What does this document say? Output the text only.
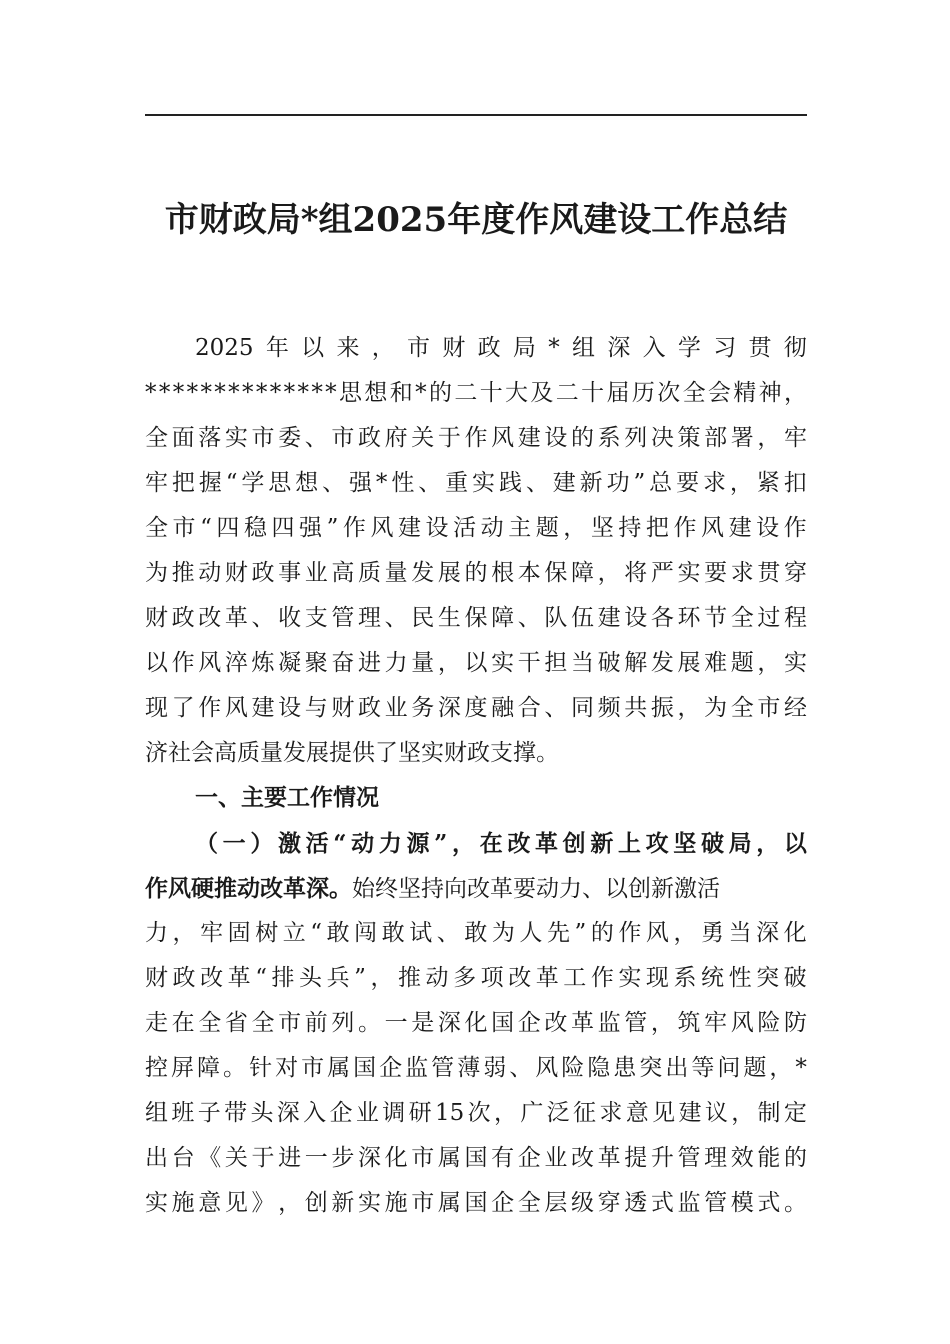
市财政局*组2025年度作风建设工作总结
2025 年 以 来 ， 市 财 政 局 * 组 深 入 学 习 贯 彻
* * * * * * * * * * * * * * 思 想 和 * 的 二 十 大 及 二 十 届 历 次 全 会 精 神 ，
全 面 落 实 市 委 、 市 政 府 关 于 作 风 建 设 的 系 列 决 策 部 署 ， 牢
牢 把 握 “ 学 思 想 、 强 * 性 、 重 实 践 、 建 新 功 ” 总 要 求 ， 紧 扣
全 市 “ 四 稳 四 强 ” 作 风 建 设 活 动 主 题 ， 坚 持 把 作 风 建 设 作
为 推 动 财 政 事 业 高 质 量 发 展 的 根 本 保 障 ， 将 严 实 要 求 贯 穿
财 政 改 革 、 收 支 管 理 、 民 生 保 障 、 队 伍 建 设 各 环 节 全 过 程
以 作 风 淬 炼 凝 聚 奋 进 力 量 ， 以 实 干 担 当 破 解 发 展 难 题 ， 实
现 了 作 风 建 设 与 财 政 业 务 深 度 融 合 、 同 频 共 振 ， 为 全 市 经
济社会高质量发展提供了坚实财政支撑。
一、主要工作情况
（ 一 ） 激 活 “ 动 力 源 ” ， 在 改 革 创 新 上 攻 坚 破 局 ， 以
作风硬推动改革深。始终坚持向改革要动力、以创新激活
力 ， 牢 固 树 立 “ 敢 闯 敢 试 、 敢 为 人 先 ” 的 作 风 ， 勇 当 深 化
财 政 改 革 “ 排 头 兵 ” ， 推 动 多 项 改 革 工 作 实 现 系 统 性 突 破
走 在 全 省 全 市 前 列 。 一 是 深 化 国 企 改 革 监 管 ， 筑 牢 风 险 防
控 屏 障 。 针 对 市 属 国 企 监 管 薄 弱 、 风 险 隐 患 突 出 等 问 题 ， *
组 班 子 带 头 深 入 企 业 调 研 15 次 ， 广 泛 征 求 意 见 建 议 ， 制 定
出 台 《 关 于 进 一 步 深 化 市 属 国 有 企 业 改 革 提 升 管 理 效 能 的
实 施 意 见 》 ， 创 新 实 施 市 属 国 企 全 层 级 穿 透 式 监 管 模 式 。
